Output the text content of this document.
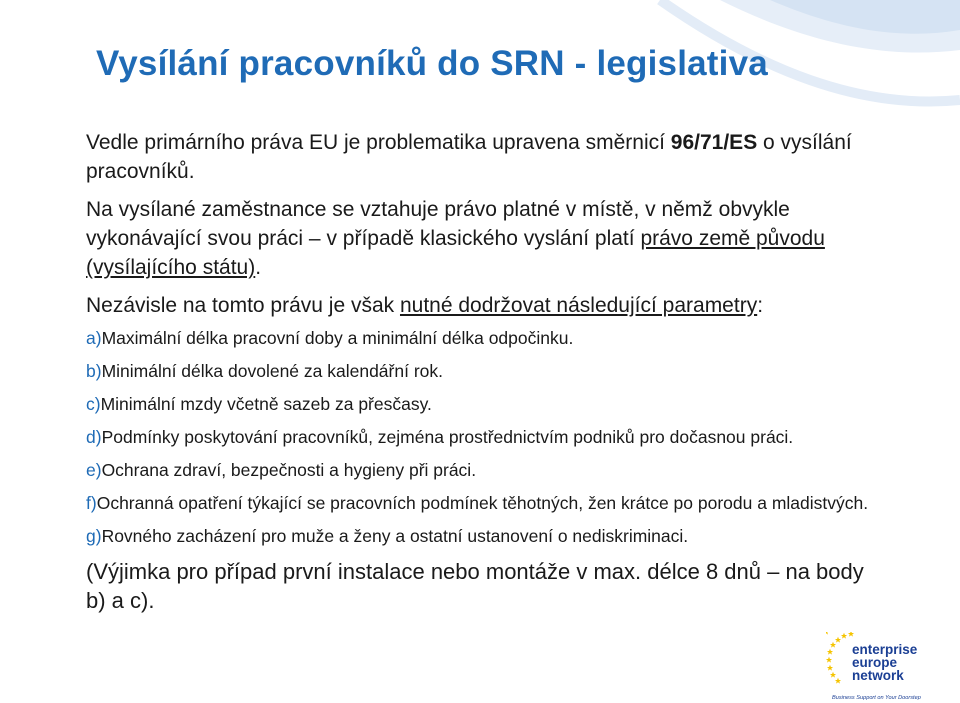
Vysílání pracovníků do SRN - legislativa

Vedle primárního práva EU je problematika upravena směrnicí 96/71/ES o vysílání pracovníků.

Na vysílané zaměstnance se vztahuje právo platné v místě, v němž obvykle vykonávající svou práci – v případě klasického vyslání platí právo země původu (vysílajícího státu).

Nezávisle na tomto právu je však nutné dodržovat následující parametry:

a)Maximální délka pracovní doby a minimální délka odpočinku.

b)Minimální délka dovolené za kalendářní rok.

c)Minimální mzdy včetně sazeb za přesčasy.

d)Podmínky poskytování pracovníků, zejména prostřednictvím podniků pro dočasnou práci.

e)Ochrana zdraví, bezpečnosti a hygieny při práci.

f)Ochranná opatření týkající se pracovních podmínek těhotných, žen krátce po porodu a mladistvých.

g)Rovného zacházení pro muže a ženy a ostatní ustanovení o nediskriminaci.

(Výjimka pro případ první instalace nebo montáže v max. délce 8 dnů – na body b) a c).

enterprise
europe
network
Business Support on Your Doorstep
